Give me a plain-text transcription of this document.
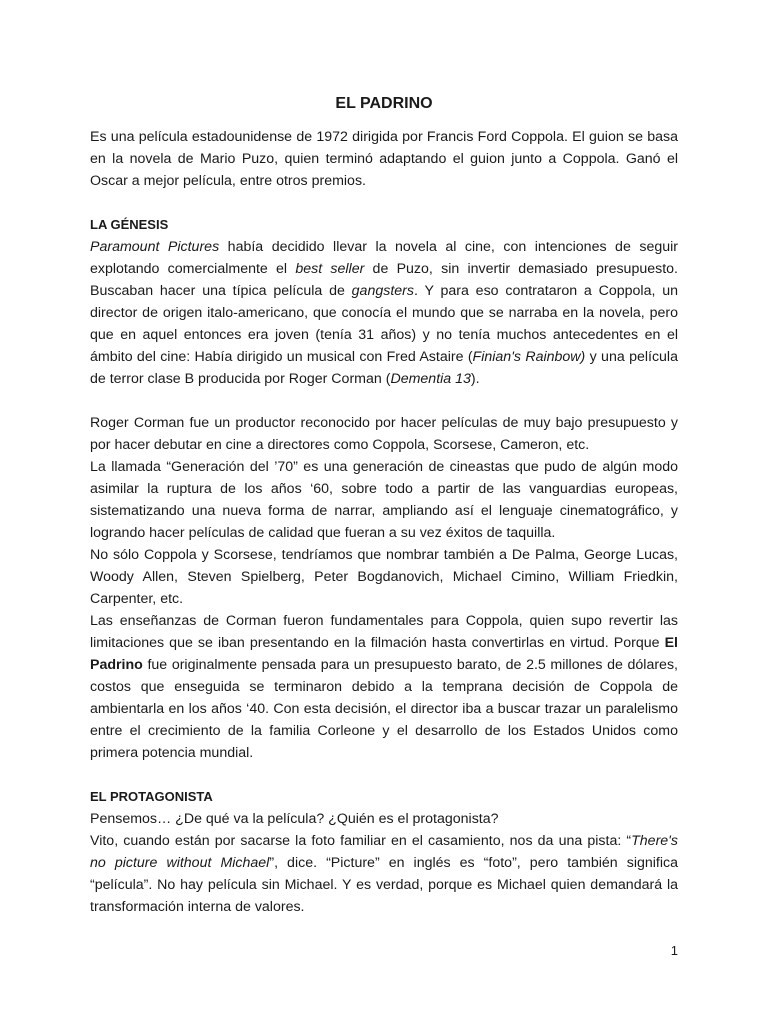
EL PADRINO

Es una película estadounidense de 1972 dirigida por Francis Ford Coppola. El guion se basa en la novela de Mario Puzo, quien terminó adaptando el guion junto a Coppola. Ganó el Oscar a mejor película, entre otros premios.

LA GÉNESIS

Paramount Pictures había decidido llevar la novela al cine, con intenciones de seguir explotando comercialmente el best seller de Puzo, sin invertir demasiado presupuesto. Buscaban hacer una típica película de gangsters. Y para eso contrataron a Coppola, un director de origen italo-americano, que conocía el mundo que se narraba en la novela, pero que en aquel entonces era joven (tenía 31 años) y no tenía muchos antecedentes en el ámbito del cine: Había dirigido un musical con Fred Astaire (Finian's Rainbow) y una película de terror clase B producida por Roger Corman (Dementia 13).

Roger Corman fue un productor reconocido por hacer películas de muy bajo presupuesto y por hacer debutar en cine a directores como Coppola, Scorsese, Cameron, etc.

La llamada “Generación del ’70” es una generación de cineastas que pudo de algún modo asimilar la ruptura de los años ‘60, sobre todo a partir de las vanguardias europeas, sistematizando una nueva forma de narrar, ampliando así el lenguaje cinematográfico, y logrando hacer películas de calidad que fueran a su vez éxitos de taquilla.

No sólo Coppola y Scorsese, tendríamos que nombrar también a De Palma, George Lucas, Woody Allen, Steven Spielberg, Peter Bogdanovich, Michael Cimino, William Friedkin, Carpenter, etc.

Las enseñanzas de Corman fueron fundamentales para Coppola, quien supo revertir las limitaciones que se iban presentando en la filmación hasta convertirlas en virtud. Porque El Padrino fue originalmente pensada para un presupuesto barato, de 2.5 millones de dólares, costos que enseguida se terminaron debido a la temprana decisión de Coppola de ambientarla en los años ‘40. Con esta decisión, el director iba a buscar trazar un paralelismo entre el crecimiento de la familia Corleone y el desarrollo de los Estados Unidos como primera potencia mundial.

EL PROTAGONISTA

Pensemos… ¿De qué va la película? ¿Quién es el protagonista?

Vito, cuando están por sacarse la foto familiar en el casamiento, nos da una pista: “There's no picture without Michael”, dice. “Picture” en inglés es “foto”, pero también significa “película”. No hay película sin Michael. Y es verdad, porque es Michael quien demandará la transformación interna de valores.

1
